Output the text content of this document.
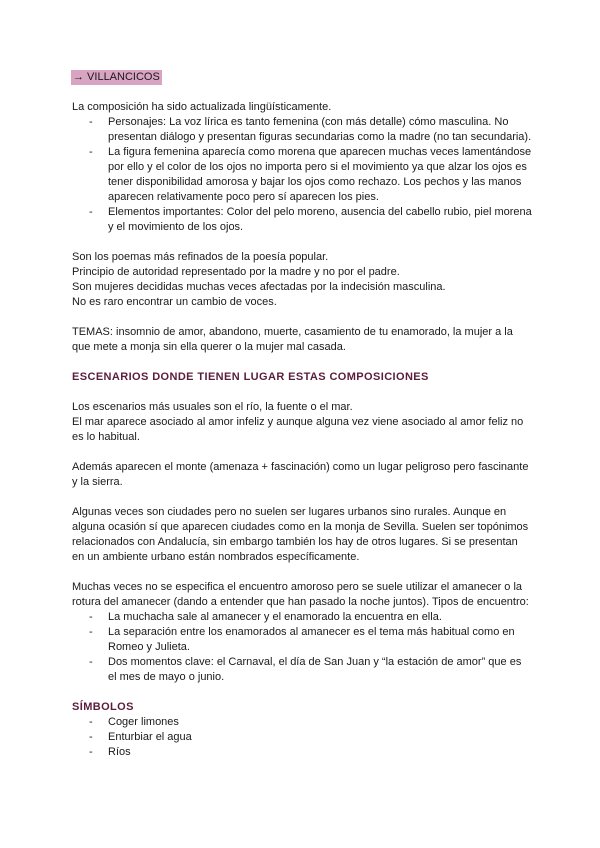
→ VILLANCICOS

La composición ha sido actualizada lingüísticamente.

- Personajes: La voz lírica es tanto femenina (con más detalle) cómo masculina. No presentan diálogo y presentan figuras secundarias como la madre (no tan secundaria).
- La figura femenina aparecía como morena que aparecen muchas veces lamentándose por ello y el color de los ojos no importa pero si el movimiento ya que alzar los ojos es tener disponibilidad amorosa y bajar los ojos como rechazo. Los pechos y las manos aparecen relativamente poco pero sí aparecen los pies.
- Elementos importantes: Color del pelo moreno, ausencia del cabello rubio, piel morena y el movimiento de los ojos.

Son los poemas más refinados de la poesía popular.

Principio de autoridad representado por la madre y no por el padre.

Son mujeres decididas muchas veces afectadas por la indecisión masculina.

No es raro encontrar un cambio de voces.

TEMAS: insomnio de amor, abandono, muerte, casamiento de tu enamorado, la mujer a la que mete a monja sin ella querer o la mujer mal casada.

ESCENARIOS DONDE TIENEN LUGAR ESTAS COMPOSICIONES

Los escenarios más usuales son el río, la fuente o el mar.

El mar aparece asociado al amor infeliz y aunque alguna vez viene asociado al amor feliz no es lo habitual.

Además aparecen el monte (amenaza + fascinación) como un lugar peligroso pero fascinante y la sierra.

Algunas veces son ciudades pero no suelen ser lugares urbanos sino rurales. Aunque en alguna ocasión sí que aparecen ciudades como en la monja de Sevilla. Suelen ser topónimos relacionados con Andalucía, sin embargo también los hay de otros lugares. Si se presentan en un ambiente urbano están nombrados específicamente.

Muchas veces no se especifica el encuentro amoroso pero se suele utilizar el amanecer o la rotura del amanecer (dando a entender que han pasado la noche juntos). Tipos de encuentro:

- La muchacha sale al amanecer y el enamorado la encuentra en ella.
- La separación entre los enamorados al amanecer es el tema más habitual como en Romeo y Julieta.
- Dos momentos clave: el Carnaval, el día de San Juan y “la estación de amor” que es el mes de mayo o junio.
SÍMBOLOS
- Coger limones
- Enturbiar el agua
- Ríos
